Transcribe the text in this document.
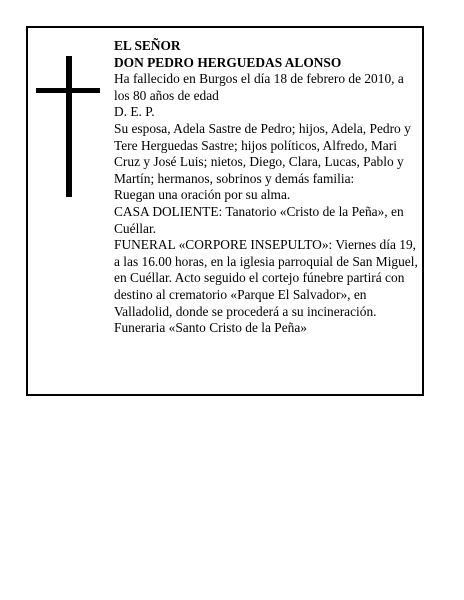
EL SEÑOR

DON PEDRO HERGUEDAS ALONSO

Ha fallecido en Burgos el día 18 de febrero de 2010, a los 80 años de edad

D. E. P.

Su esposa, Adela Sastre de Pedro; hijos, Adela, Pedro y Tere Herguedas Sastre; hijos políticos, Alfredo, Mari Cruz y José Luis; nietos, Diego, Clara, Lucas, Pablo y Martín; hermanos, sobrinos y demás familia:

Ruegan una oración por su alma.

CASA DOLIENTE: Tanatorio «Cristo de la Peña», en Cuéllar.

FUNERAL «CORPORE INSEPULTO»: Viernes día 19, a las 16.00 horas, en la iglesia parroquial de San Miguel, en Cuéllar. Acto seguido el cortejo fúnebre partirá con destino al crematorio «Parque El Salvador», en Valladolid, donde se procederá a su incineración.

Funeraria «Santo Cristo de la Peña»
